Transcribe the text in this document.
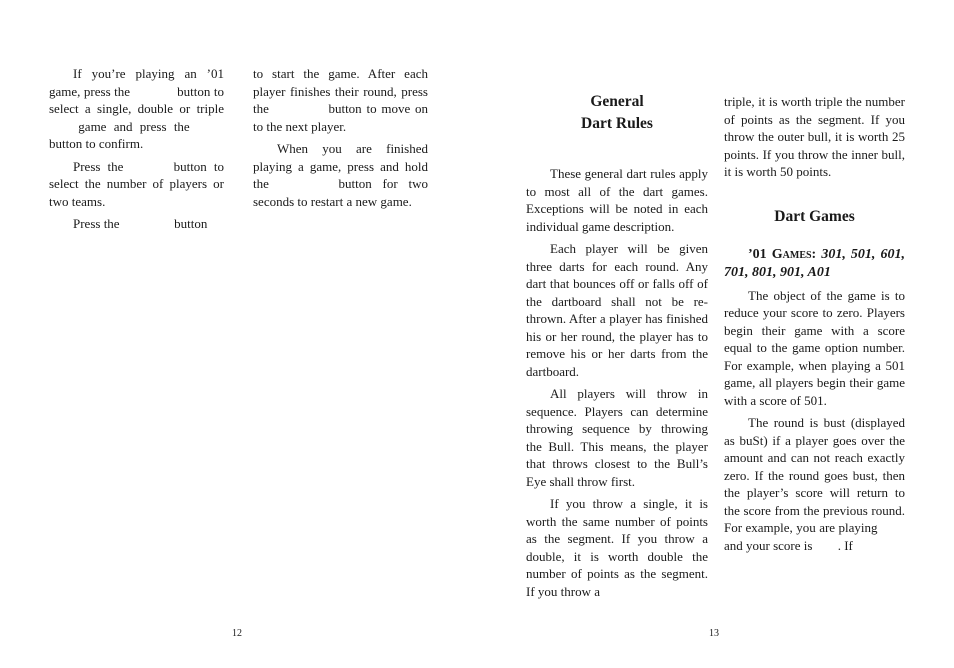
If you’re playing an ’01 game, press the	button to select a single, double or triple  game and press the  button to confirm.

Press the	button to select the number of players or two teams.

Press the	button

to start the game. After each player finishes their round, press the	button to move on to the next player.

When you are finished playing a game, press and hold the	button for two seconds to restart a new game.

12
General
Dart Rules

These general dart rules apply to most all of the dart games. Exceptions will be noted in each individual game description.

Each player will be given three darts for each round. Any dart that bounces off or falls off of the dartboard shall not be re-thrown. After a player has finished his or her round, the player has to remove his or her darts from the dartboard.

All players will throw in sequence. Players can determine throwing sequence by throwing the Bull. This means, the player that throws closest to the Bull’s Eye shall throw first.

If you throw a single, it is worth the same number of points as the segment. If you throw a double, it is worth double the number of points as the segment. If you throw a

triple, it is worth triple the number of points as the segment. If you throw the outer bull, it is worth 25 points. If you throw the inner bull, it is worth 50 points.

Dart Games

’01 Games: 301, 501, 601, 701, 801, 901, A01

The object of the game is to reduce your score to zero. Players begin their game with a score equal to the game option number. For example, when playing a 501 game, all players begin their game with a score of 501.

The round is bust (displayed as buSt) if a player goes over the amount and can not reach exactly zero. If the round goes bust, then the player’s score will return to the score from the previous round. For example, you are playing  and your score is . If

13
